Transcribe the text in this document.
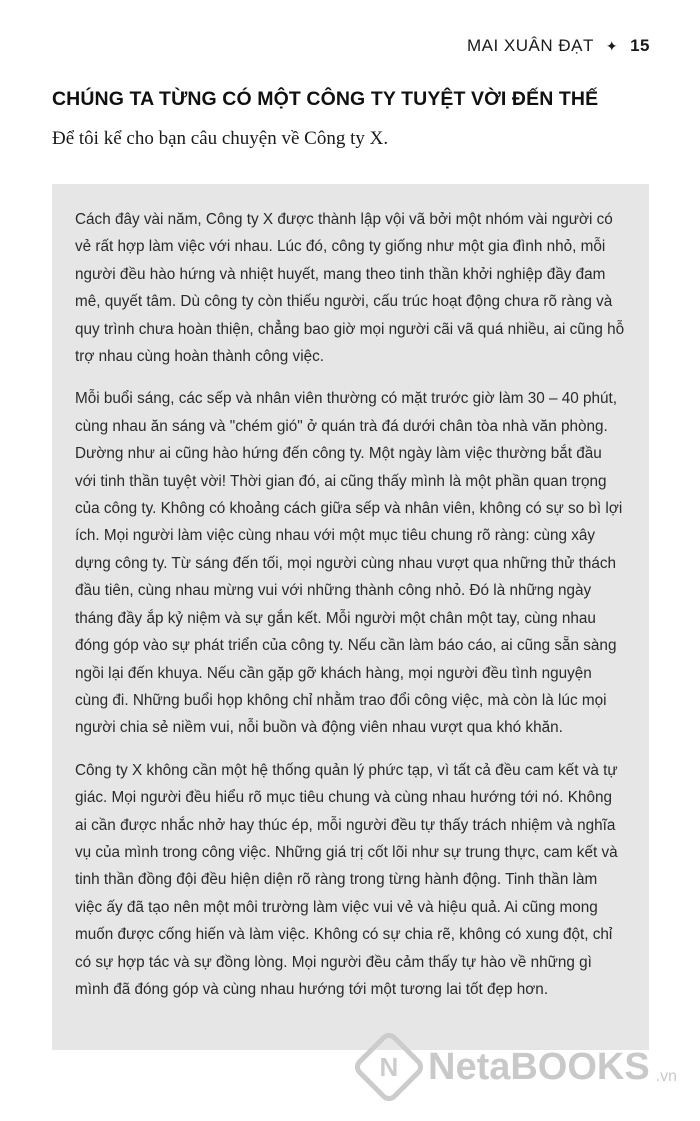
MAI XUÂN ĐẠT ✦ 15
CHÚNG TA TỪNG CÓ MỘT CÔNG TY TUYỆT VỜI ĐẾN THẾ

Để tôi kể cho bạn câu chuyện về Công ty X.

Cách đây vài năm, Công ty X được thành lập vội vã bởi một nhóm vài người có vẻ rất hợp làm việc với nhau. Lúc đó, công ty giống như một gia đình nhỏ, mỗi người đều hào hứng và nhiệt huyết, mang theo tinh thần khởi nghiệp đầy đam mê, quyết tâm. Dù công ty còn thiếu người, cấu trúc hoạt động chưa rõ ràng và quy trình chưa hoàn thiện, chẳng bao giờ mọi người cãi vã quá nhiều, ai cũng hỗ trợ nhau cùng hoàn thành công việc.

Mỗi buổi sáng, các sếp và nhân viên thường có mặt trước giờ làm 30 – 40 phút, cùng nhau ăn sáng và "chém gió" ở quán trà đá dưới chân tòa nhà văn phòng. Dường như ai cũng hào hứng đến công ty. Một ngày làm việc thường bắt đầu với tinh thần tuyệt vời! Thời gian đó, ai cũng thấy mình là một phần quan trọng của công ty. Không có khoảng cách giữa sếp và nhân viên, không có sự so bì lợi ích. Mọi người làm việc cùng nhau với một mục tiêu chung rõ ràng: cùng xây dựng công ty. Từ sáng đến tối, mọi người cùng nhau vượt qua những thử thách đầu tiên, cùng nhau mừng vui với những thành công nhỏ. Đó là những ngày tháng đầy ắp kỷ niệm và sự gắn kết. Mỗi người một chân một tay, cùng nhau đóng góp vào sự phát triển của công ty. Nếu cần làm báo cáo, ai cũng sẵn sàng ngồi lại đến khuya. Nếu cần gặp gỡ khách hàng, mọi người đều tình nguyện cùng đi. Những buổi họp không chỉ nhằm trao đổi công việc, mà còn là lúc mọi người chia sẻ niềm vui, nỗi buồn và động viên nhau vượt qua khó khăn.

Công ty X không cần một hệ thống quản lý phức tạp, vì tất cả đều cam kết và tự giác. Mọi người đều hiểu rõ mục tiêu chung và cùng nhau hướng tới nó. Không ai cần được nhắc nhở hay thúc ép, mỗi người đều tự thấy trách nhiệm và nghĩa vụ của mình trong công việc. Những giá trị cốt lõi như sự trung thực, cam kết và tinh thần đồng đội đều hiện diện rõ ràng trong từng hành động. Tinh thần làm việc ấy đã tạo nên một môi trường làm việc vui vẻ và hiệu quả. Ai cũng mong muốn được cống hiến và làm việc. Không có sự chia rẽ, không có xung đột, chỉ có sự hợp tác và sự đồng lòng. Mọi người đều cảm thấy tự hào về những gì mình đã đóng góp và cùng nhau hướng tới một tương lai tốt đẹp hơn.

N NetaBOOKS .vn
